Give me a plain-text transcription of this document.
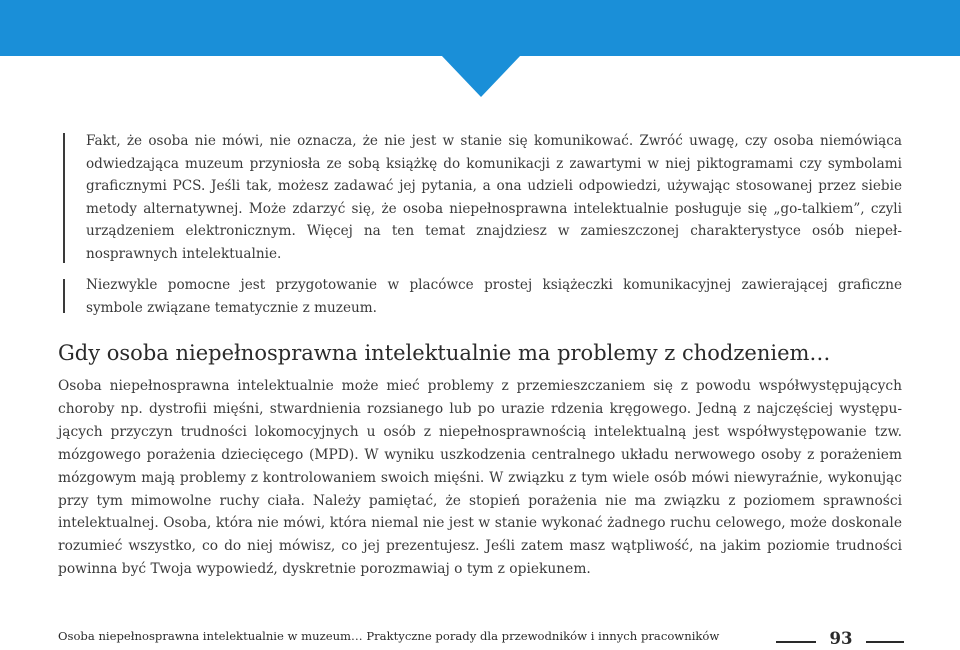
Fakt, że osoba nie mówi, nie oznacza, że nie jest w stanie się komunikować. Zwróć uwagę, czy osoba niemówiąca odwiedzająca muzeum przyniosła ze sobą książkę do komunikacji z zawartymi w niej piktogramami czy symbolami graficznymi PCS. Jeśli tak, możesz zadawać jej pytania, a ona udzieli odpowiedzi, używając stosowanej przez siebie metody alternatywnej. Może zdarzyć się, że osoba niepełnosprawna intelektualnie posługuje się „go-talkiem”, czyli urządzeniem elektronicznym. Więcej na ten temat znajdziesz w zamieszczonej charakterystyce osób niepełnosprawnych intelektualnie.

Niezwykle pomocne jest przygotowanie w placówce prostej książeczki komunikacyjnej zawierającej graficzne symbole związane tematycznie z muzeum.

Gdy osoba niepełnosprawna intelektualnie ma problemy z chodzeniem…

Osoba niepełnosprawna intelektualnie może mieć problemy z przemieszczaniem się z powodu współwystępujących choroby np. dystrofii mięśni, stwardnienia rozsianego lub po urazie rdzenia kręgowego. Jedną z najczęściej występujących przyczyn trudności lokomocyjnych u osób z niepełnosprawnością intelektualną jest współwystępowanie tzw. mózgowego porażenia dziecięcego (MPD). W wyniku uszkodzenia centralnego układu nerwowego osoby z porażeniem mózgowym mają problemy z kontrolowaniem swoich mięśni. W związku z tym wiele osób mówi niewyraźnie, wykonując przy tym mimowolne ruchy ciała. Należy pamiętać, że stopień porażenia nie ma związku z poziomem sprawności intelektualnej. Osoba, która nie mówi, która niemal nie jest w stanie wykonać żadnego ruchu celowego, może doskonale rozumieć wszystko, co do niej mówisz, co jej prezentujesz. Jeśli zatem masz wątpliwość, na jakim poziomie trudności powinna być Twoja wypowiedź, dyskretnie porozmawiaj o tym z opiekunem.

Osoba niepełnosprawna intelektualnie w muzeum… Praktyczne porady dla przewodników i innych pracowników	93
